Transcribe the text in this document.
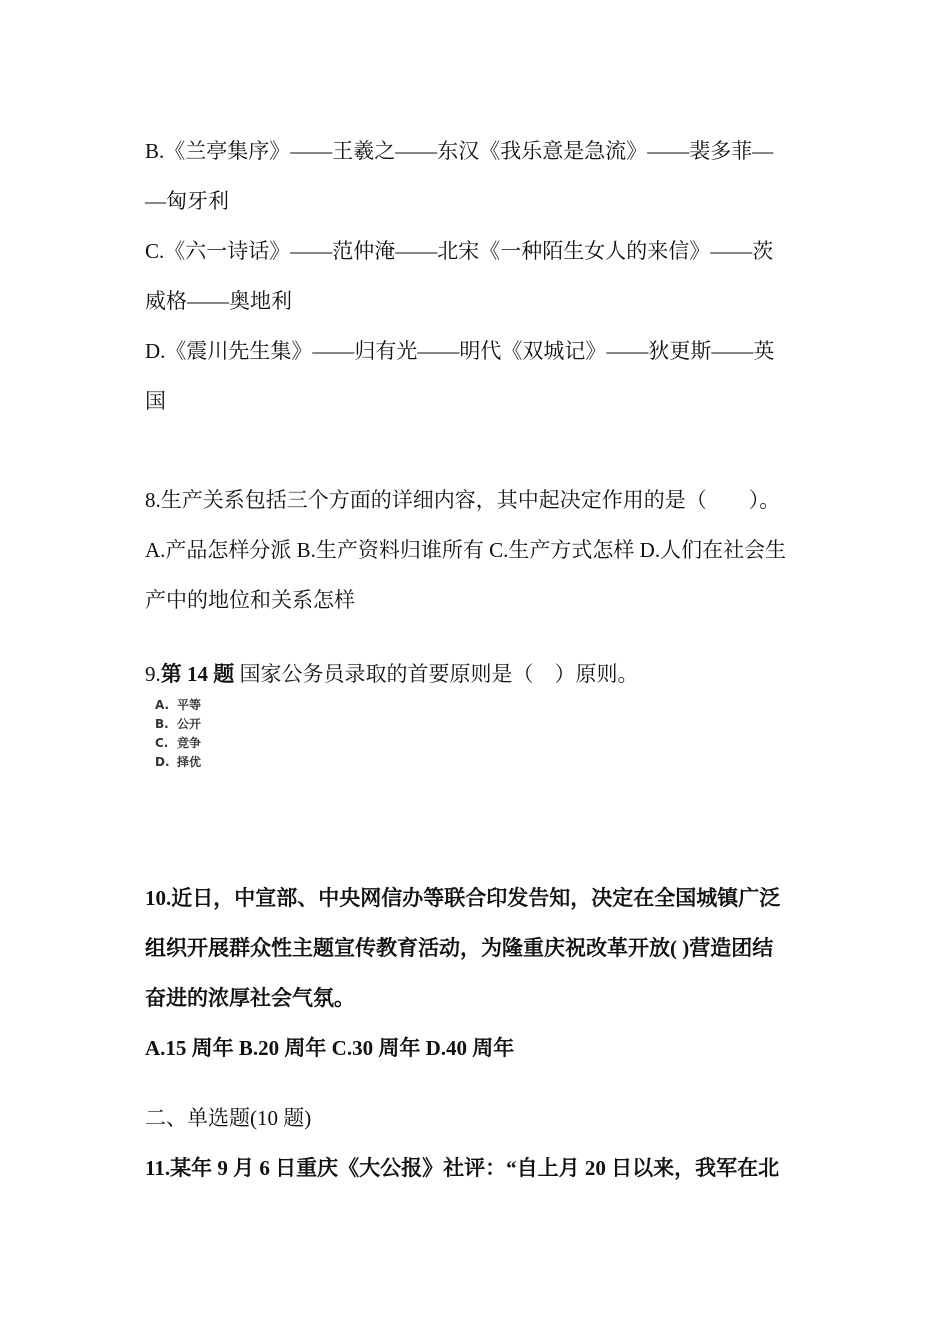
B.《兰亭集序》——王羲之——东汉《我乐意是急流》——裴多菲—
—匈牙利
C.《六一诗话》——范仲淹——北宋《一种陌生女人的来信》——茨
威格——奥地利
D.《震川先生集》——归有光——明代《双城记》——狄更斯——英
国
8.生产关系包括三个方面的详细内容，其中起决定作用的是（　　）。
A.产品怎样分派 B.生产资料归谁所有 C.生产方式怎样 D.人们在社会生
产中的地位和关系怎样
9.第 14 题 国家公务员录取的首要原则是（　）原则。
A. 平等
B. 公开
C. 竞争
D. 择优
10.近日，中宣部、中央网信办等联合印发告知，决定在全国城镇广泛
组织开展群众性主题宣传教育活动，为隆重庆祝改革开放( )营造团结
奋进的浓厚社会气氛。
A.15 周年 B.20 周年 C.30 周年 D.40 周年
二、单选题(10 题)
11.某年 9 月 6 日重庆《大公报》社评：“自上月 20 日以来，我军在北
